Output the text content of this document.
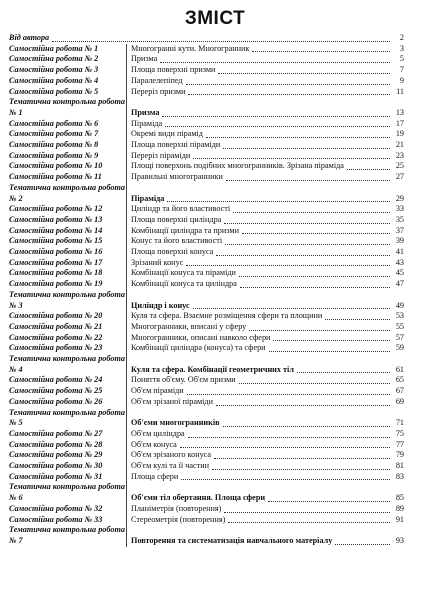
ЗМІСТ
Від автора	2
Самостійна робота № 1	Многогранні кути. Многогранник	3
Самостійна робота № 2	Призма	5
Самостійна робота № 3	Площа поверхні призми	7
Самостійна робота № 4	Паралелепіпед	9
Самостійна робота № 5	Переріз призми	11
Тематична контрольна робота № 1	Призма	13
Самостійна робота № 6	Піраміда	17
Самостійна робота № 7	Окремі види пірамід	19
Самостійна робота № 8	Площа поверхні піраміди	21
Самостійна робота № 9	Переріз піраміди	23
Самостійна робота № 10	Площі поверхонь подібних многогранників. Зрізана піраміда	25
Самостійна робота № 11	Правильні многогранники	27
Тематична контрольна робота № 2	Піраміда	29
Самостійна робота № 12	Циліндр та його властивості	33
Самостійна робота № 13	Площа поверхні циліндра	35
Самостійна робота № 14	Комбінації циліндра та призми	37
Самостійна робота № 15	Конус та його властивості	39
Самостійна робота № 16	Площа поверхні конуса	41
Самостійна робота № 17	Зрізаний конус	43
Самостійна робота № 18	Комбінації конуса та піраміди	45
Самостійна робота № 19	Комбінації конуса та циліндра	47
Тематична контрольна робота № 3	Циліндр і конус	49
Самостійна робота № 20	Куля та сфера. Взаємне розміщення сфери та площини	53
Самостійна робота № 21	Многогранники, вписані у сферу	55
Самостійна робота № 22	Многогранники, описані навколо сфери	57
Самостійна робота № 23	Комбінації циліндра (конуса) та сфери	59
Тематична контрольна робота № 4	Куля та сфера. Комбінації геометричних тіл	61
Самостійна робота № 24	Поняття об'єму. Об'єм призми	65
Самостійна робота № 25	Об'єм піраміди	67
Самостійна робота № 26	Об'єм зрізаної піраміди	69
Тематична контрольна робота № 5	Об'єми многогранників	71
Самостійна робота № 27	Об'єм циліндра	75
Самостійна робота № 28	Об'єм конуса	77
Самостійна робота № 29	Об'єм зрізаного конуса	79
Самостійна робота № 30	Об'єм кулі та її частин	81
Самостійна робота № 31	Площа сфери	83
Тематична контрольна робота № 6	Об'єми тіл обертання. Площа сфери	85
Самостійна робота № 32	Планіметрія (повторення)	89
Самостійна робота № 33	Стереометрія (повторення)	91
Тематична контрольна робота № 7	Повторення та систематизація навчального матеріалу	93
